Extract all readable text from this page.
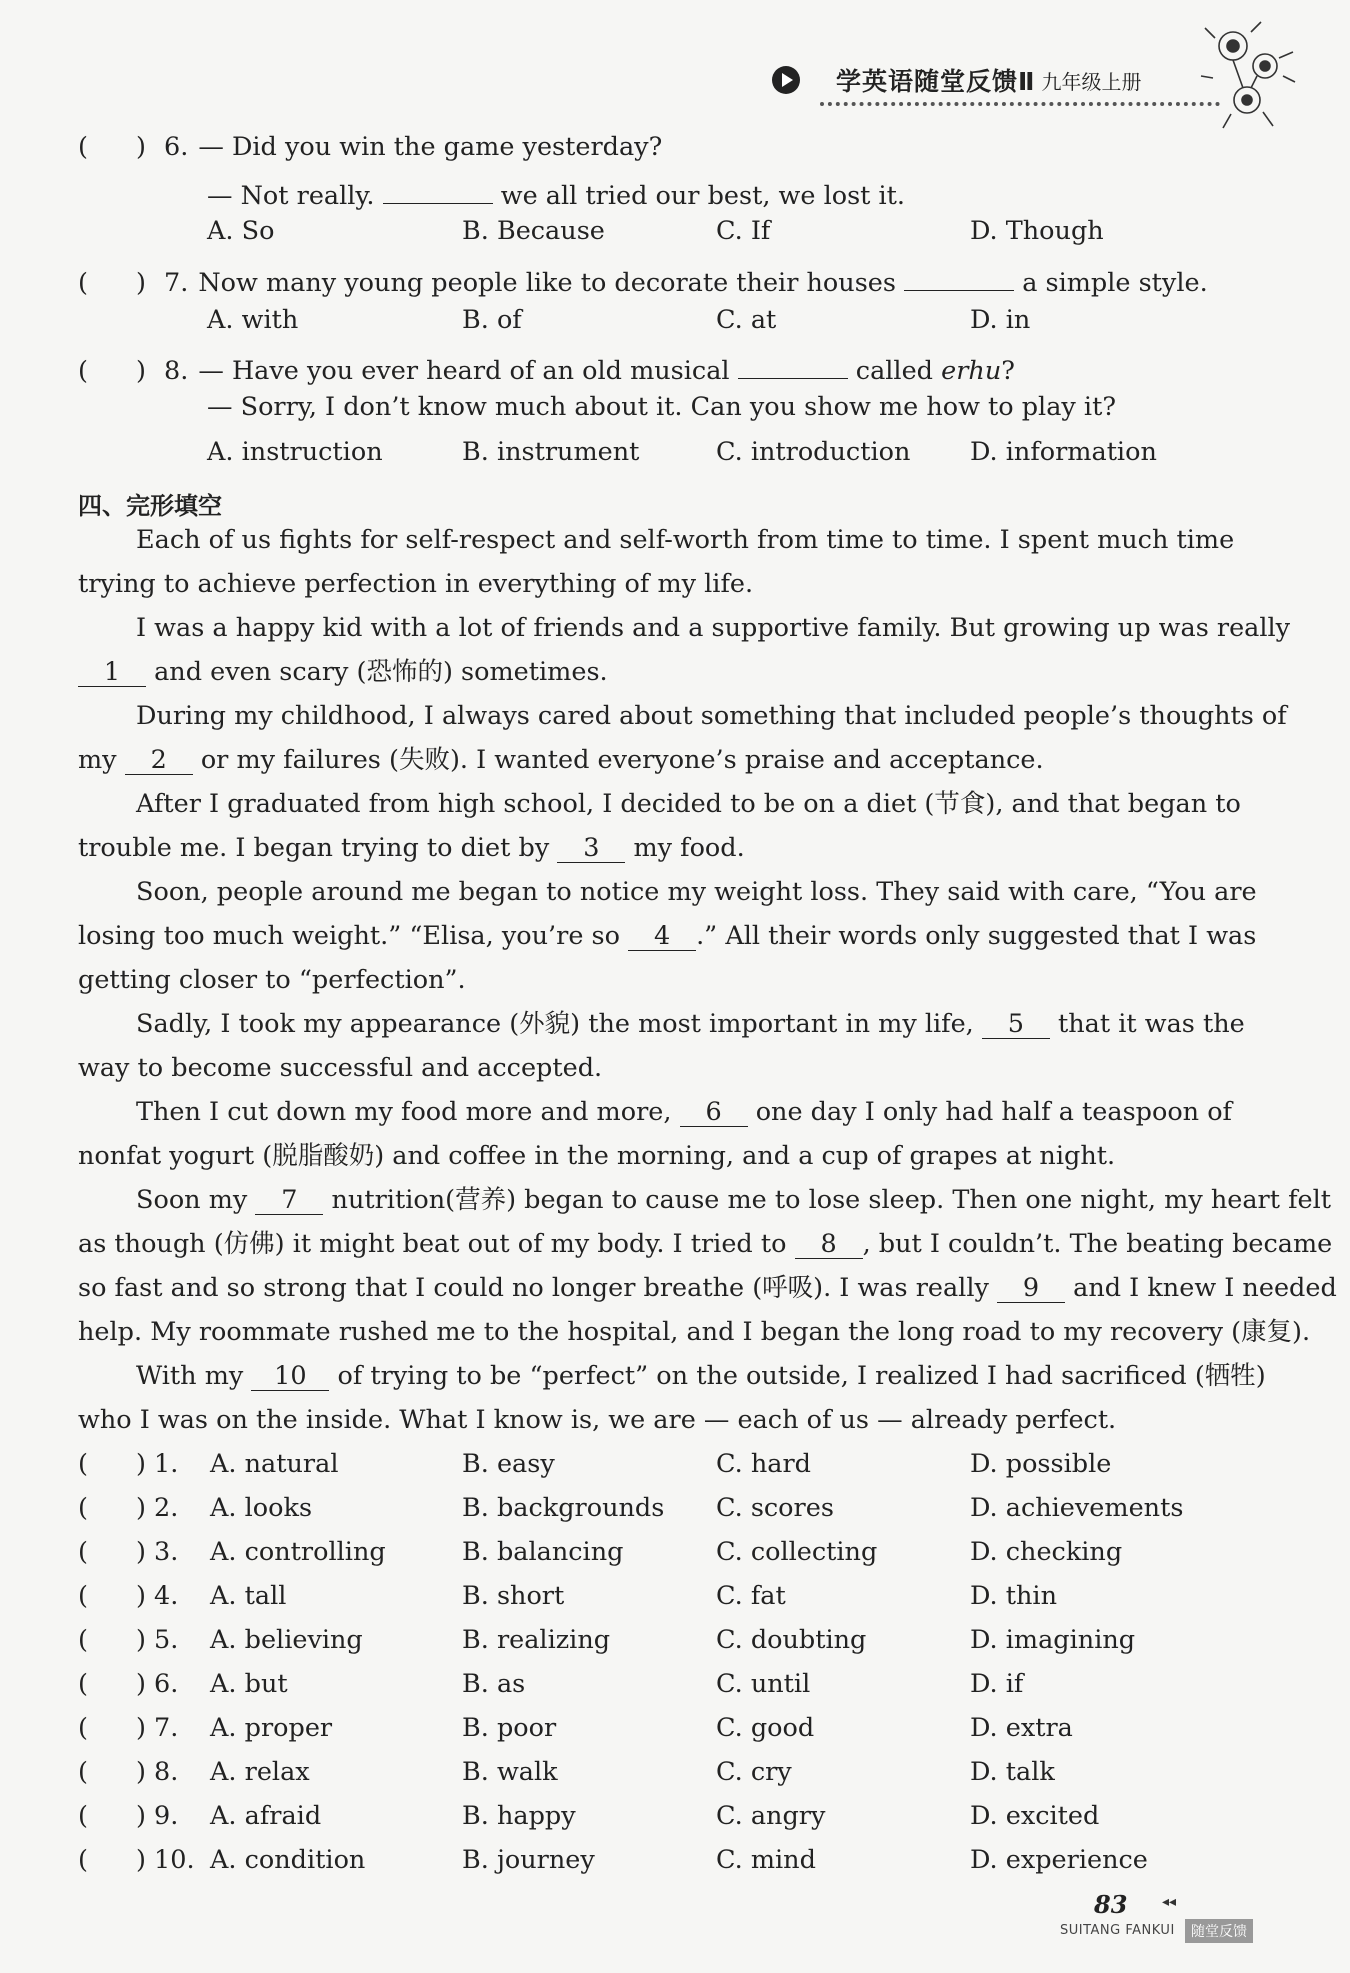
学英语随堂反馈Ⅱ 九年级上册
( ) 6. — Did you win the game yesterday?
— Not really.	we all tried our best, we lost it.
A. So	B. Because	C. If	D. Though
( ) 7. Now many young people like to decorate their houses	a simple style.
A. with	B. of	C. at	D. in
( ) 8. — Have you ever heard of an old musical	called erhu?
— Sorry, I don’t know much about it. Can you show me how to play it?
A. instruction	B. instrument	C. introduction D. information
四、完形填空
Each of us fights for self-respect and self-worth from time to time. I spent much time
trying to achieve perfection in everything of my life.
I was a happy kid with a lot of friends and a supportive family. But growing up was really
1 and even scary (恐怖的) sometimes.
During my childhood, I always cared about something that included people’s thoughts of
my 2 or my failures (失败). I wanted everyone’s praise and acceptance.
After I graduated from high school, I decided to be on a diet (节食), and that began to
trouble me. I began trying to diet by 3 my food.
Soon, people around me began to notice my weight loss. They said with care, “You are
losing too much weight.” “Elisa, you’re so 4 .” All their words only suggested that I was
getting closer to “perfection”.
Sadly, I took my appearance (外貌) the most important in my life, 5 that it was the
way to become successful and accepted.
Then I cut down my food more and more, 6 one day I only had half a teaspoon of
nonfat yogurt (脱脂酸奶) and coffee in the morning, and a cup of grapes at night.
Soon my 7 nutrition(营养) began to cause me to lose sleep. Then one night, my heart felt
as though (仿佛) it might beat out of my body. I tried to 8 , but I couldn’t. The beating became
so fast and so strong that I could no longer breathe (呼吸). I was really 9 and I knew I needed
help. My roommate rushed me to the hospital, and I began the long road to my recovery (康复).
With my 10 of trying to be “perfect” on the outside, I realized I had sacrificed (牺牲)
who I was on the inside. What I know is, we are — each of us — already perfect.
( ) 1. A. natural	B. easy	C. hard	D. possible
( ) 2. A. looks	B. backgrounds C. scores	D. achievements
( ) 3. A. controlling	B. balancing	C. collecting	D. checking
( ) 4. A. tall	B. short	C. fat	D. thin
( ) 5. A. believing	B. realizing	C. doubting	D. imagining
( ) 6. A. but	B. as	C. until	D. if
( ) 7. A. proper	B. poor	C. good	D. extra
( ) 8. A. relax	B. walk	C. cry	D. talk
( ) 9. A. afraid	B. happy	C. angry	D. excited
( ) 10. A. condition	B. journey	C. mind	D. experience
83 ◂◂
SUITANG FANKUI	随堂反馈
